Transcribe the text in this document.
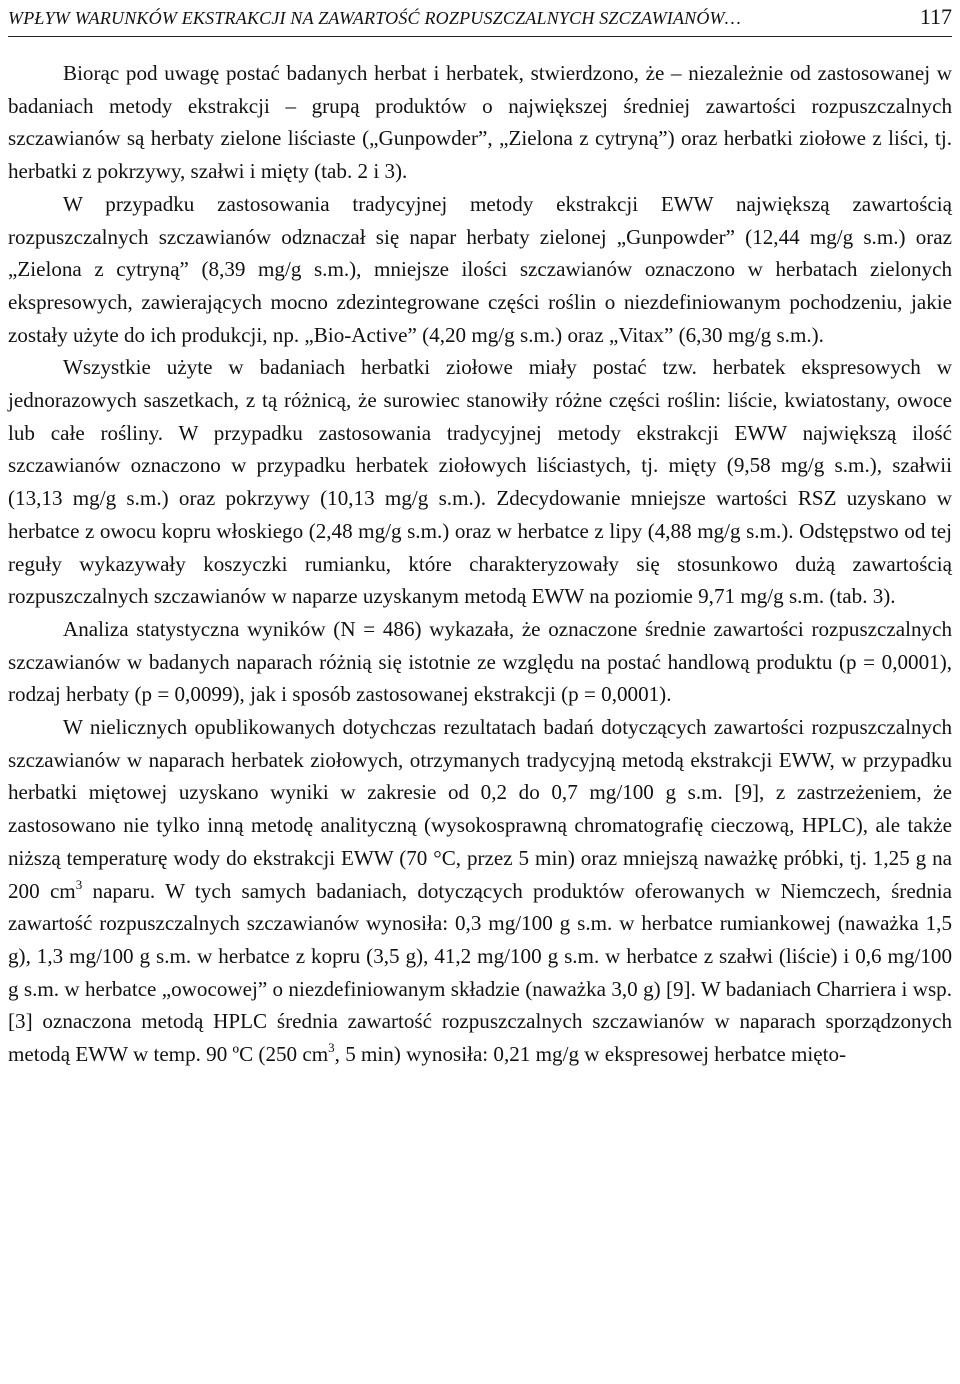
WPŁYW WARUNKÓW EKSTRAKCJI NA ZAWARTOŚĆ ROZPUSZCZALNYCH SZCZAWIANÓW…	117

Biorąc pod uwagę postać badanych herbat i herbatek, stwierdzono, że – niezależnie od zastosowanej w badaniach metody ekstrakcji – grupą produktów o największej średniej zawartości rozpuszczalnych szczawianów są herbaty zielone liściaste („Gunpowder”, „Zielona z cytryną”) oraz herbatki ziołowe z liści, tj. herbatki z pokrzywy, szałwi i mięty (tab. 2 i 3).

W przypadku zastosowania tradycyjnej metody ekstrakcji EWW największą zawartością rozpuszczalnych szczawianów odznaczał się napar herbaty zielonej „Gunpowder” (12,44 mg/g s.m.) oraz „Zielona z cytryną” (8,39 mg/g s.m.), mniejsze ilości szczawianów oznaczono w herbatach zielonych ekspresowych, zawierających mocno zdezintegrowane części roślin o niezdefiniowanym pochodzeniu, jakie zostały użyte do ich produkcji, np. „Bio-Active” (4,20 mg/g s.m.) oraz „Vitax” (6,30 mg/g s.m.).

Wszystkie użyte w badaniach herbatki ziołowe miały postać tzw. herbatek ekspresowych w jednorazowych saszetkach, z tą różnicą, że surowiec stanowiły różne części roślin: liście, kwiatostany, owoce lub całe rośliny. W przypadku zastosowania tradycyjnej metody ekstrakcji EWW największą ilość szczawianów oznaczono w przypadku herbatek ziołowych liściastych, tj. mięty (9,58 mg/g s.m.), szałwii (13,13 mg/g s.m.) oraz pokrzywy (10,13 mg/g s.m.). Zdecydowanie mniejsze wartości RSZ uzyskano w herbatce z owocu kopru włoskiego (2,48 mg/g s.m.) oraz w herbatce z lipy (4,88 mg/g s.m.). Odstępstwo od tej reguły wykazywały koszyczki rumianku, które charakteryzowały się stosunkowo dużą zawartością rozpuszczalnych szczawianów w naparze uzyskanym metodą EWW na poziomie 9,71 mg/g s.m. (tab. 3).

Analiza statystyczna wyników (N = 486) wykazała, że oznaczone średnie zawartości rozpuszczalnych szczawianów w badanych naparach różnią się istotnie ze względu na postać handlową produktu (p = 0,0001), rodzaj herbaty (p = 0,0099), jak i sposób zastosowanej ekstrakcji (p = 0,0001).

W nielicznych opublikowanych dotychczas rezultatach badań dotyczących zawartości rozpuszczalnych szczawianów w naparach herbatek ziołowych, otrzymanych tradycyjną metodą ekstrakcji EWW, w przypadku herbatki miętowej uzyskano wyniki w zakresie od 0,2 do 0,7 mg/100 g s.m. [9], z zastrzeżeniem, że zastosowano nie tylko inną metodę analityczną (wysokosprawną chromatografię cieczową, HPLC), ale także niższą temperaturę wody do ekstrakcji EWW (70 °C, przez 5 min) oraz mniejszą naważkę próbki, tj. 1,25 g na 200 $cm^3$ naparu. W tych samych badaniach, dotyczących produktów oferowanych w Niemczech, średnia zawartość rozpuszczalnych szczawianów wynosiła: 0,3 mg/100 g s.m. w herbatce rumiankowej (naważka 1,5 g), 1,3 mg/100 g s.m. w herbatce z kopru (3,5 g), 41,2 mg/100 g s.m. w herbatce z szałwi (liście) i 0,6 mg/100 g s.m. w herbatce „owocowej” o niezdefiniowanym składzie (naważka 3,0 g) [9]. W badaniach Charriera i wsp. [3] oznaczona metodą HPLC średnia zawartość rozpuszczalnych szczawianów w naparach sporządzonych metodą EWW w temp. 90 ºC (250 $cm^3$, 5 min) wynosiła: 0,21 mg/g w ekspresowej herbatce mięto-
